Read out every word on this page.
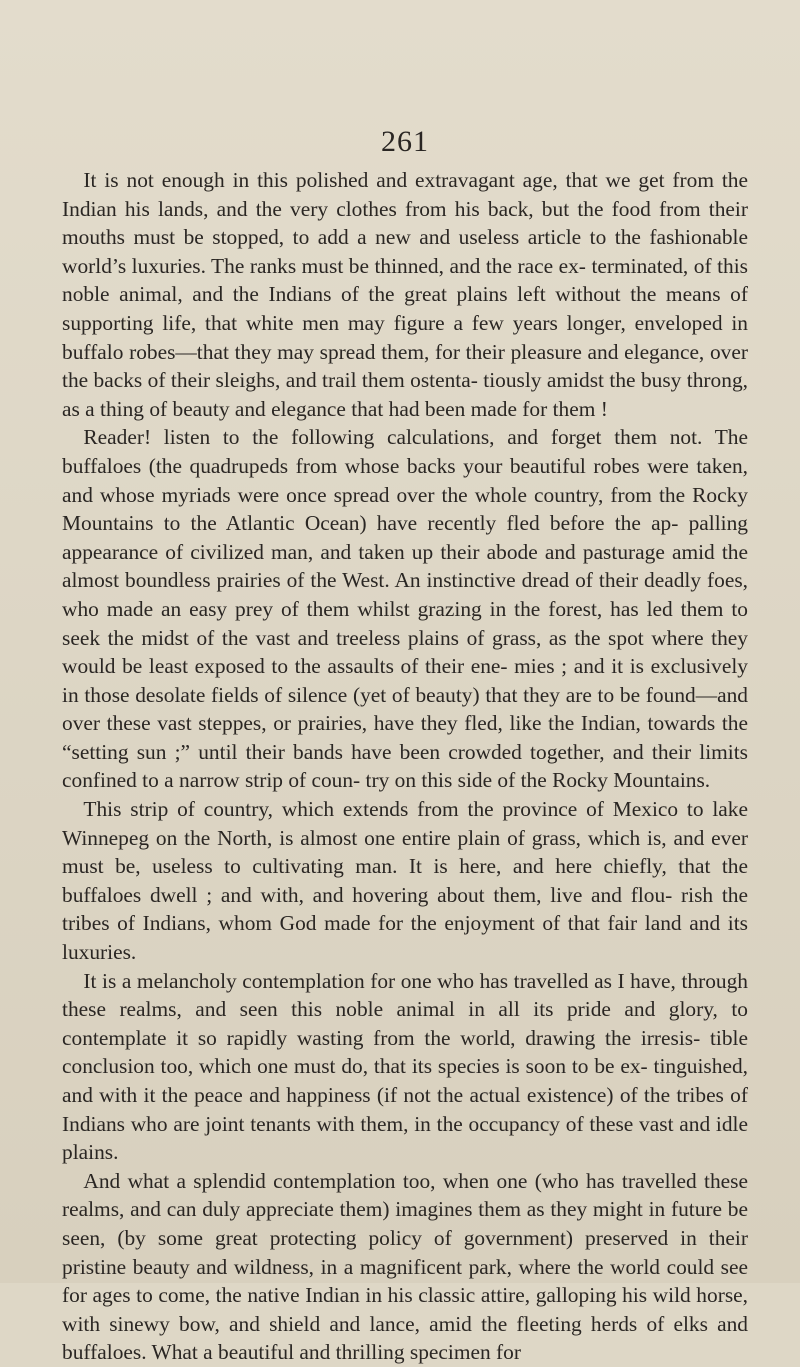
261

It is not enough in this polished and extravagant age, that we get from the Indian his lands, and the very clothes from his back, but the food from their mouths must be stopped, to add a new and useless article to the fashionable world’s luxuries. The ranks must be thinned, and the race ex- terminated, of this noble animal, and the Indians of the great plains left without the means of supporting life, that white men may figure a few years longer, enveloped in buffalo robes—that they may spread them, for their pleasure and elegance, over the backs of their sleighs, and trail them ostenta- tiously amidst the busy throng, as a thing of beauty and elegance that had been made for them !

Reader! listen to the following calculations, and forget them not. The buffaloes (the quadrupeds from whose backs your beautiful robes were taken, and whose myriads were once spread over the whole country, from the Rocky Mountains to the Atlantic Ocean) have recently fled before the ap- palling appearance of civilized man, and taken up their abode and pasturage amid the almost boundless prairies of the West. An instinctive dread of their deadly foes, who made an easy prey of them whilst grazing in the forest, has led them to seek the midst of the vast and treeless plains of grass, as the spot where they would be least exposed to the assaults of their ene- mies ; and it is exclusively in those desolate fields of silence (yet of beauty) that they are to be found—and over these vast steppes, or prairies, have they fled, like the Indian, towards the “setting sun ;” until their bands have been crowded together, and their limits confined to a narrow strip of coun- try on this side of the Rocky Mountains.

This strip of country, which extends from the province of Mexico to lake Winnepeg on the North, is almost one entire plain of grass, which is, and ever must be, useless to cultivating man. It is here, and here chiefly, that the buffaloes dwell ; and with, and hovering about them, live and flou- rish the tribes of Indians, whom God made for the enjoyment of that fair land and its luxuries.

It is a melancholy contemplation for one who has travelled as I have, through these realms, and seen this noble animal in all its pride and glory, to contemplate it so rapidly wasting from the world, drawing the irresis- tible conclusion too, which one must do, that its species is soon to be ex- tinguished, and with it the peace and happiness (if not the actual existence) of the tribes of Indians who are joint tenants with them, in the occupancy of these vast and idle plains.

And what a splendid contemplation too, when one (who has travelled these realms, and can duly appreciate them) imagines them as they might in future be seen, (by some great protecting policy of government) preserved in their pristine beauty and wildness, in a magnificent park, where the world could see for ages to come, the native Indian in his classic attire, galloping his wild horse, with sinewy bow, and shield and lance, amid the fleeting herds of elks and buffaloes. What a beautiful and thrilling specimen for
